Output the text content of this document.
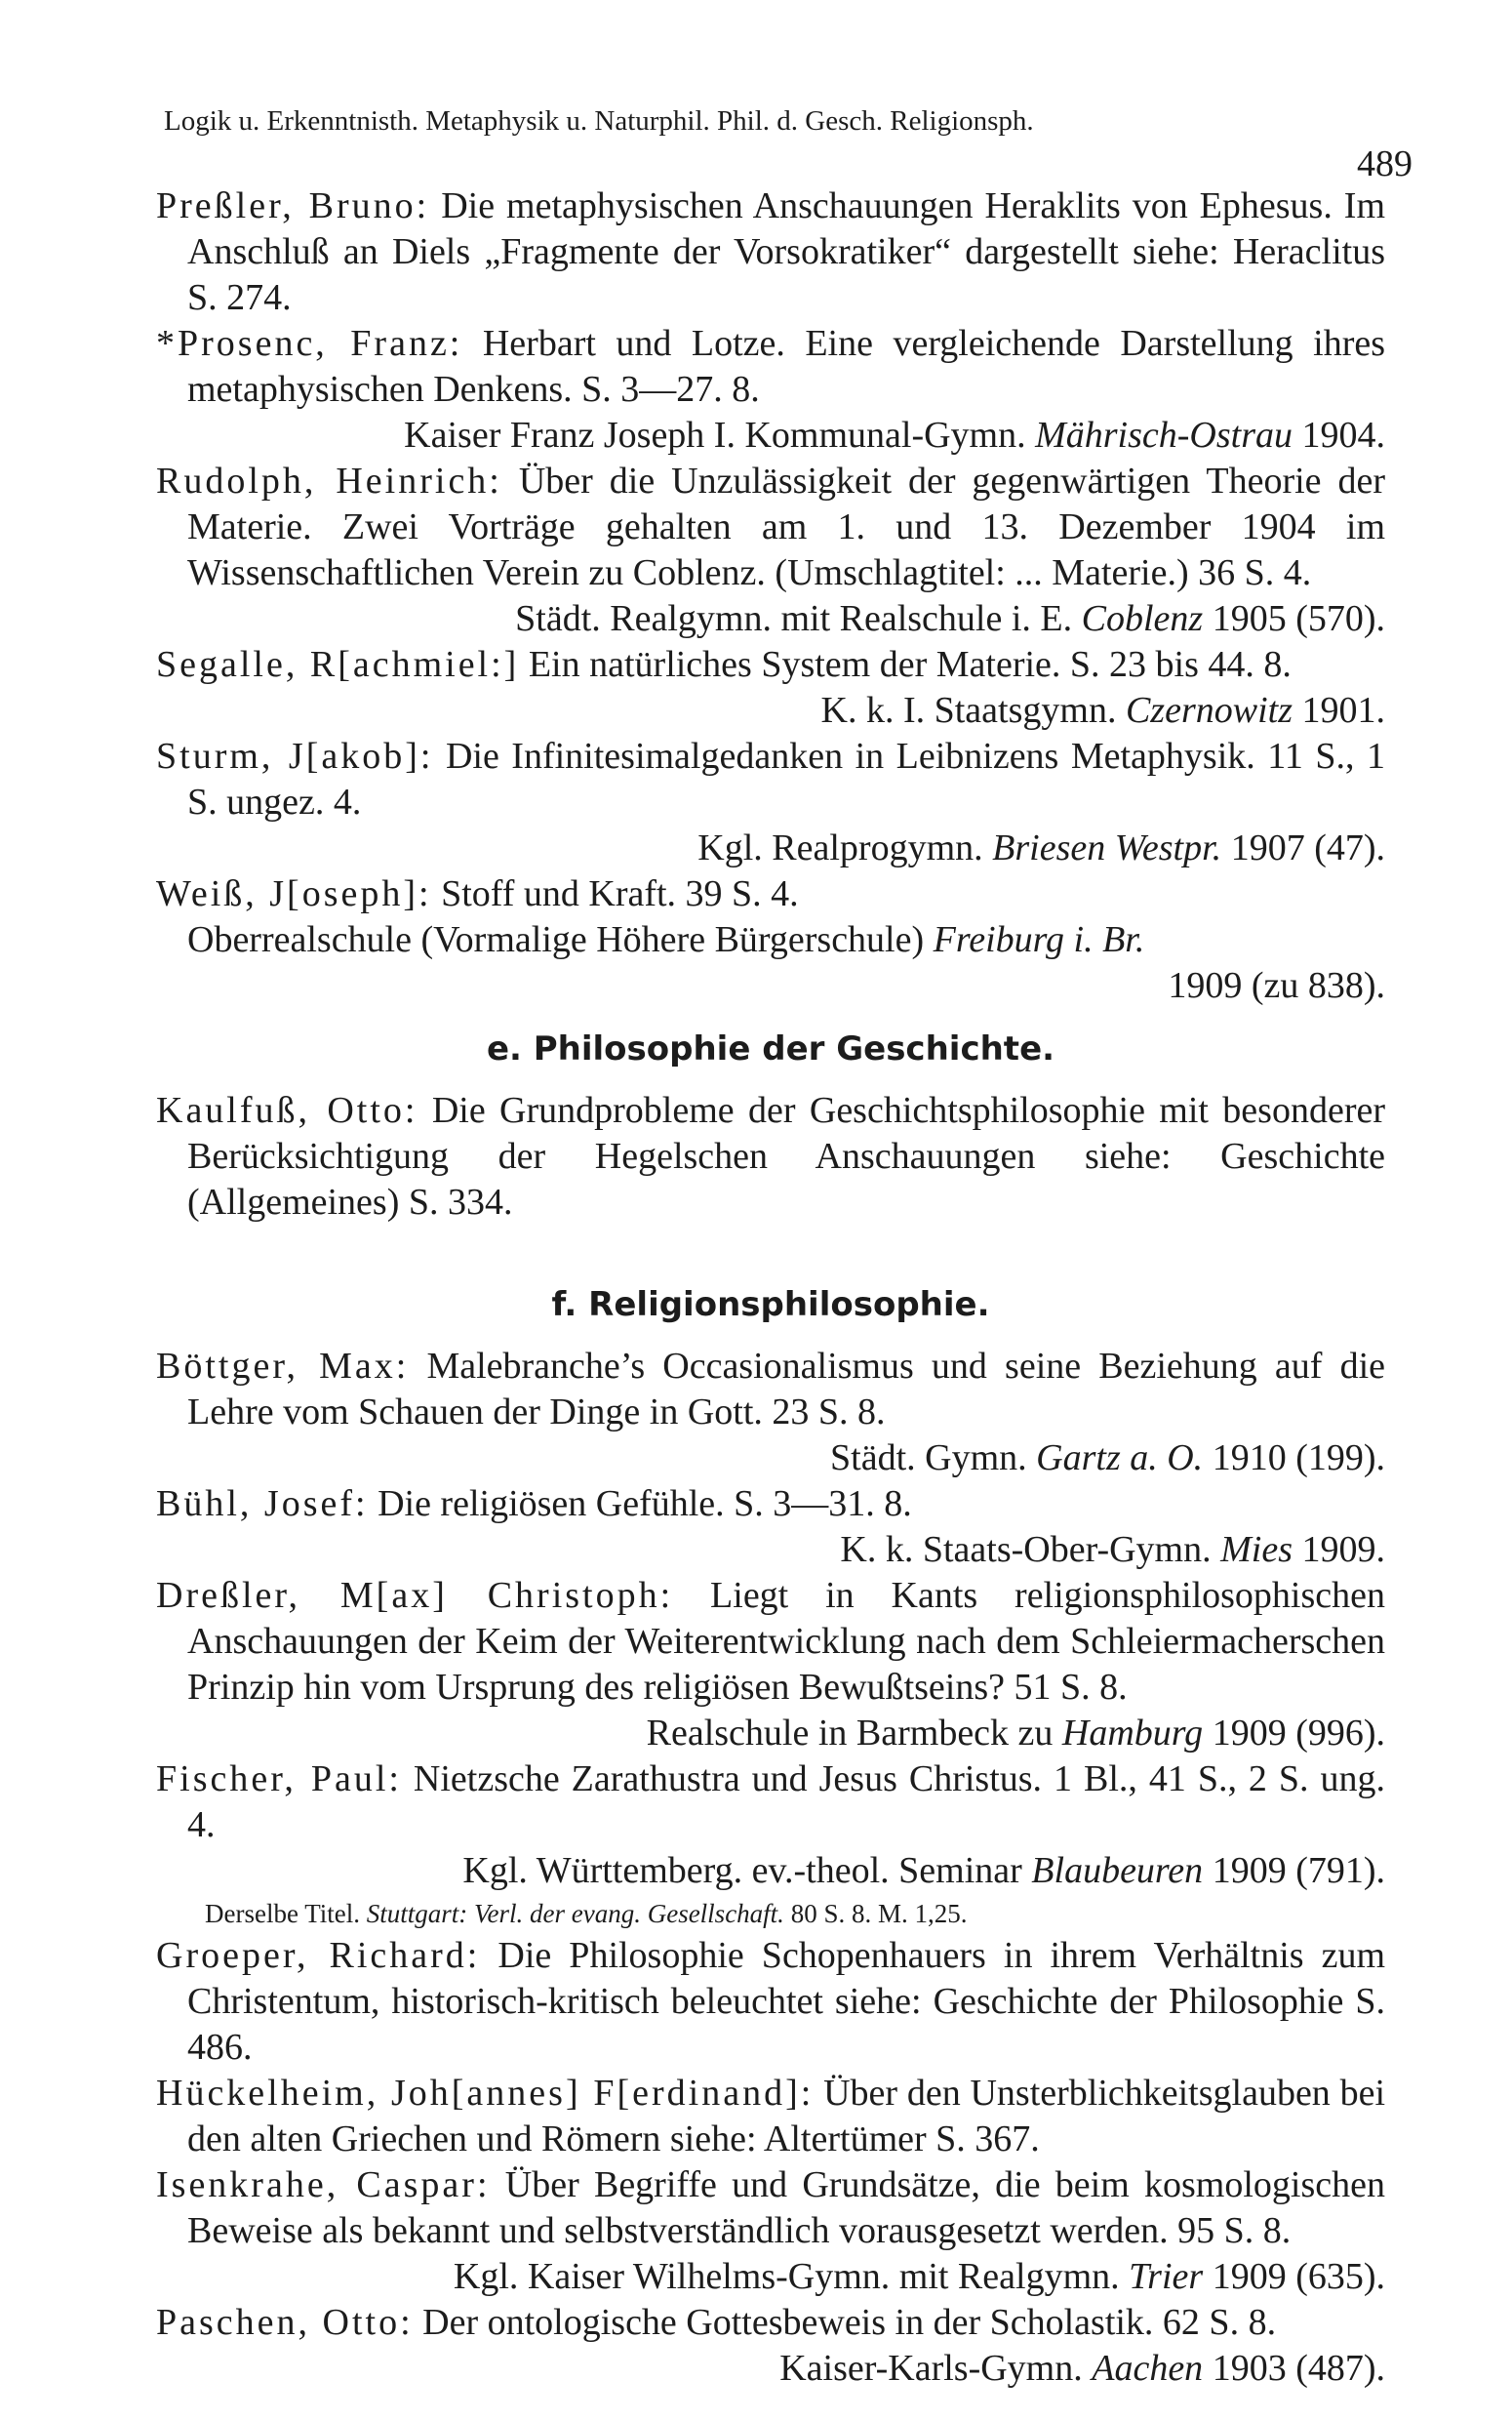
Logik u. Erkenntnisth. Metaphysik u. Naturphil. Phil. d. Gesch. Religionsph.
489
Preßler, Bruno: Die metaphysischen Anschauungen Heraklits von Ephesus. Im Anschluß an Diels „Fragmente der Vorsokratiker“ dargestellt siehe: Heraclitus S. 274.
*Prosenc, Franz: Herbart und Lotze. Eine vergleichende Darstellung ihres metaphysischen Denkens. S. 3—27. 8.
Kaiser Franz Joseph I. Kommunal-Gymn. Mährisch-Ostrau 1904.
Rudolph, Heinrich: Über die Unzulässigkeit der gegenwärtigen Theorie der Materie. Zwei Vorträge gehalten am 1. und 13. Dezember 1904 im Wissenschaftlichen Verein zu Coblenz. (Umschlagtitel: ... Materie.) 36 S. 4.
Städt. Realgymn. mit Realschule i. E. Coblenz 1905 (570).
Segalle, R[achmiel:] Ein natürliches System der Materie. S. 23 bis 44. 8.
K. k. I. Staatsgymn. Czernowitz 1901.
Sturm, J[akob]: Die Infinitesimalgedanken in Leibnizens Metaphysik. 11 S., 1 S. ungez. 4.
Kgl. Realprogymn. Briesen Westpr. 1907 (47).
Weiß, J[oseph]: Stoff und Kraft. 39 S. 4.
Oberrealschule (Vormalige Höhere Bürgerschule) Freiburg i. Br.
1909 (zu 838).
e. Philosophie der Geschichte.
Kaulfuß, Otto: Die Grundprobleme der Geschichtsphilosophie mit besonderer Berücksichtigung der Hegelschen Anschauungen siehe: Geschichte (Allgemeines) S. 334.
f. Religionsphilosophie.
Böttger, Max: Malebranche’s Occasionalismus und seine Beziehung auf die Lehre vom Schauen der Dinge in Gott. 23 S. 8.
Städt. Gymn. Gartz a. O. 1910 (199).
Bühl, Josef: Die religiösen Gefühle. S. 3—31. 8.
K. k. Staats-Ober-Gymn. Mies 1909.
Dreßler, M[ax] Christoph: Liegt in Kants religionsphilosophischen Anschauungen der Keim der Weiterentwicklung nach dem Schleiermacherschen Prinzip hin vom Ursprung des religiösen Bewußtseins? 51 S. 8.
Realschule in Barmbeck zu Hamburg 1909 (996).
Fischer, Paul: Nietzsche Zarathustra und Jesus Christus. 1 Bl., 41 S., 2 S. ung. 4.
Kgl. Württemberg. ev.-theol. Seminar Blaubeuren 1909 (791).
Derselbe Titel. Stuttgart: Verl. der evang. Gesellschaft. 80 S. 8. M. 1,25.
Groeper, Richard: Die Philosophie Schopenhauers in ihrem Verhältnis zum Christentum, historisch-kritisch beleuchtet siehe: Geschichte der Philosophie S. 486.
Hückelheim, Joh[annes] F[erdinand]: Über den Unsterblichkeitsglauben bei den alten Griechen und Römern siehe: Altertümer S. 367.
Isenkrahe, Caspar: Über Begriffe und Grundsätze, die beim kosmologischen Beweise als bekannt und selbstverständlich vorausgesetzt werden. 95 S. 8.
Kgl. Kaiser Wilhelms-Gymn. mit Realgymn. Trier 1909 (635).
Paschen, Otto: Der ontologische Gottesbeweis in der Scholastik. 62 S. 8.
Kaiser-Karls-Gymn. Aachen 1903 (487).
